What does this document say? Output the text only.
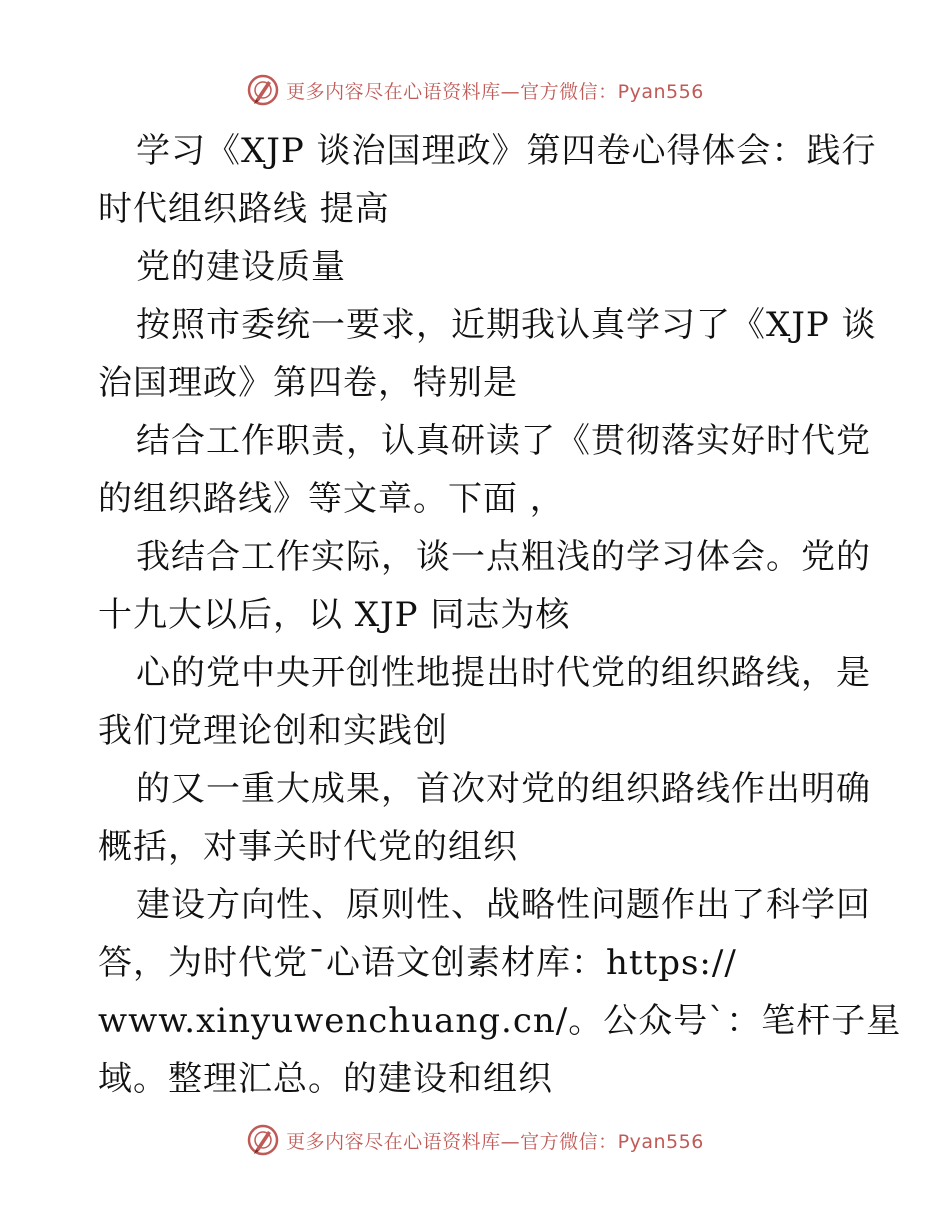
更多内容尽在心语资料库—官方微信：Pyan556
学习《XJP 谈治国理政》第四卷心得体会：践行
时代组织路线 提高
党的建设质量
按照市委统一要求，近期我认真学习了《XJP 谈
治国理政》第四卷，特别是
结合工作职责，认真研读了《贯彻落实好时代党
的组织路线》等文章。下面 ，
我结合工作实际，谈一点粗浅的学习体会。党的
十九大以后，以 XJP 同志为核
心的党中央开创性地提出时代党的组织路线，是
我们党理论创和实践创
的又一重大成果，首次对党的组织路线作出明确
概括，对事关时代党的组织
建设方向性、原则性、战略性问题作出了科学回
答，为时代党¯心语文创素材库：https://
www.xinyuwenchuang.cn/。公众号`：笔杆子星
域。整理汇总。的建设和组织
更多内容尽在心语资料库—官方微信：Pyan556
